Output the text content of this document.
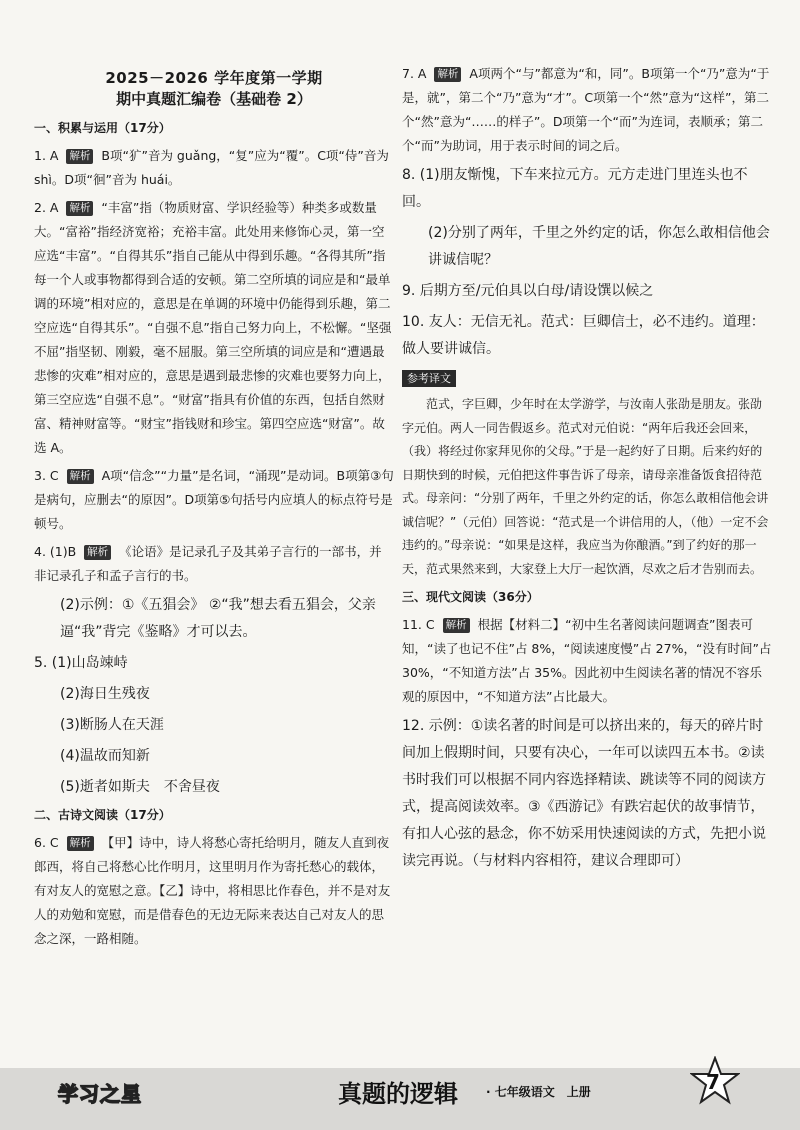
2025－2026 学年度第一学期
期中真题汇编卷（基础卷 2）
一、积累与运用（17分）
1. A 解析 B项“犷”音为 guǎng，“复”应为“覆”。C项“侍”音为 shì。D项“徊”音为 huái。
2. A 解析 “丰富”指（物质财富、学识经验等）种类多或数量大。“富裕”指经济宽裕；充裕丰富。此处用来修饰心灵，第一空应选“丰富”。“自得其乐”指自己能从中得到乐趣。“各得其所”指每一个人或事物都得到合适的安顿。第二空所填的词应是和“最单调的环境”相对应的，意思是在单调的环境中仍能得到乐趣，第二空应选“自得其乐”。“自强不息”指自己努力向上，不松懈。“坚强不屈”指坚韧、刚毅，毫不屈服。第三空所填的词应是和“遭遇最悲惨的灾难”相对应的，意思是遇到最悲惨的灾难也要努力向上，第三空应选“自强不息”。“财富”指具有价值的东西，包括自然财富、精神财富等。“财宝”指钱财和珍宝。第四空应选“财富”。故选 A。
3. C 解析 A项“信念”“力量”是名词，“涌现”是动词。B项第③句是病句，应删去“的原因”。D项第⑤句括号内应填人的标点符号是顿号。
4. (1)B 解析 《论语》是记录孔子及其弟子言行的一部书，并非记录孔子和孟子言行的书。
(2)示例：①《五猖会》 ②“我”想去看五猖会，父亲逼“我”背完《鉴略》才可以去。
5. (1)山岛竦峙
(2)海日生残夜
(3)断肠人在天涯
(4)温故而知新
(5)逝者如斯夫　不舍昼夜
二、古诗文阅读（17分）
6. C 解析 【甲】诗中，诗人将愁心寄托给明月，随友人直到夜郎西，将自己将愁心比作明月，这里明月作为寄托愁心的载体，有对友人的宽慰之意。【乙】诗中，将相思比作春色，并不是对友人的劝勉和宽慰，而是借春色的无边无际来表达自己对友人的思念之深，一路相随。
7. A 解析 A项两个“与”都意为“和，同”。B项第一个“乃”意为“于是，就”，第二个“乃”意为“才”。C项第一个“然”意为“这样”，第二个“然”意为“……的样子”。D项第一个“而”为连词，表顺承；第二个“而”为助词，用于表示时间的词之后。
8. (1)朋友惭愧，下车来拉元方。元方走进门里连头也不回。
(2)分别了两年，千里之外约定的话，你怎么敢相信他会讲诚信呢？
9. 后期方至/元伯具以白母/请设馔以候之
10. 友人：无信无礼。范式：巨卿信士，必不违约。道理：做人要讲诚信。
参考译文

范式，字巨卿，少年时在太学游学，与汝南人张劭是朋友。张劭字元伯。两人一同告假返乡。范式对元伯说：“两年后我还会回来，（我）将经过你家拜见你的父母。”于是一起约好了日期。后来约好的日期快到的时候，元伯把这件事告诉了母亲，请母亲准备饭食招待范式。母亲问：“分别了两年，千里之外约定的话，你怎么敢相信他会讲诚信呢？”（元伯）回答说：“范式是一个讲信用的人，（他）一定不会违约的。”母亲说：“如果是这样，我应当为你酿酒。”到了约好的那一天，范式果然来到，大家登上大厅一起饮酒，尽欢之后才告别而去。

三、现代文阅读（36分）
11. C 解析 根据【材料二】“初中生名著阅读问题调查”图表可知，“读了也记不住”占 8%，“阅读速度慢”占 27%，“没有时间”占 30%，“不知道方法”占 35%。因此初中生阅读名著的情况不容乐观的原因中，“不知道方法”占比最大。
12. 示例：①读名著的时间是可以挤出来的，每天的碎片时间加上假期时间，只要有决心，一年可以读四五本书。②读书时我们可以根据不同内容选择精读、跳读等不同的阅读方式，提高阅读效率。③《西游记》有跌宕起伏的故事情节，有扣人心弦的悬念，你不妨采用快速阅读的方式，先把小说读完再说。（与材料内容相符，建议合理即可）
学习之星	真题的逻辑 · 七年级语文　上册	7
